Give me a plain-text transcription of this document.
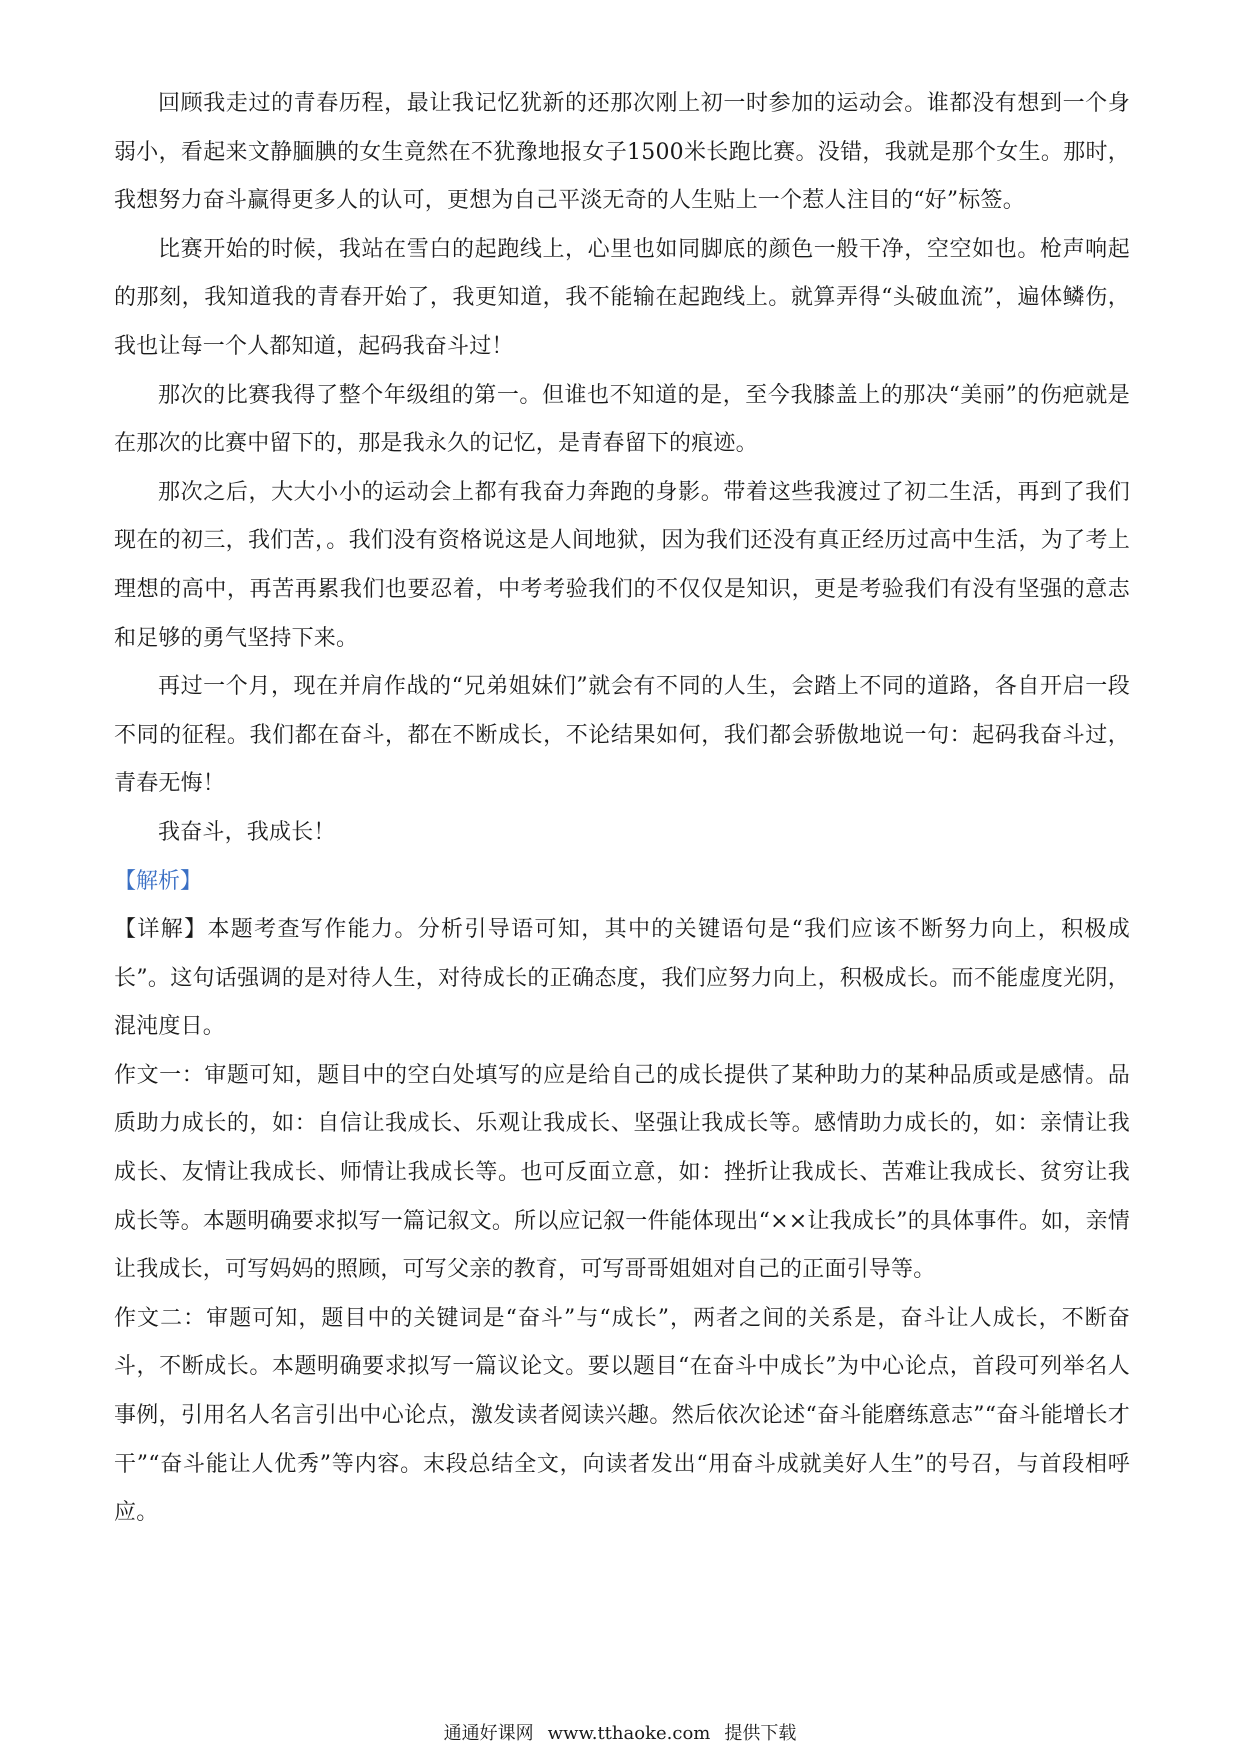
回顾我走过的青春历程，最让我记忆犹新的还那次刚上初一时参加的运动会。谁都没有想到一个身弱小，看起来文静腼腆的女生竟然在不犹豫地报女子1500米长跑比赛。没错，我就是那个女生。那时，我想努力奋斗赢得更多人的认可，更想为自己平淡无奇的人生贴上一个惹人注目的“好”标签。

比赛开始的时候，我站在雪白的起跑线上，心里也如同脚底的颜色一般干净，空空如也。枪声响起的那刻，我知道我的青春开始了，我更知道，我不能输在起跑线上。就算弄得“头破血流”，遍体鳞伤，我也让每一个人都知道，起码我奋斗过！

那次的比赛我得了整个年级组的第一。但谁也不知道的是，至今我膝盖上的那决“美丽”的伤疤就是在那次的比赛中留下的，那是我永久的记忆，是青春留下的痕迹。

那次之后，大大小小的运动会上都有我奋力奔跑的身影。带着这些我渡过了初二生活，再到了我们现在的初三，我们苦，。我们没有资格说这是人间地狱，因为我们还没有真正经历过高中生活，为了考上理想的高中，再苦再累我们也要忍着，中考考验我们的不仅仅是知识，更是考验我们有没有坚强的意志和足够的勇气坚持下来。

再过一个月，现在并肩作战的“兄弟姐妹们”就会有不同的人生，会踏上不同的道路，各自开启一段不同的征程。我们都在奋斗，都在不断成长，不论结果如何，我们都会骄傲地说一句：起码我奋斗过，青春无悔！

我奋斗，我成长！

【解析】

【详解】本题考查写作能力。分析引导语可知，其中的关键语句是“我们应该不断努力向上，积极成长”。这句话强调的是对待人生，对待成长的正确态度，我们应努力向上，积极成长。而不能虚度光阴，混沌度日。

作文一：审题可知，题目中的空白处填写的应是给自己的成长提供了某种助力的某种品质或是感情。品质助力成长的，如：自信让我成长、乐观让我成长、坚强让我成长等。感情助力成长的，如：亲情让我成长、友情让我成长、师情让我成长等。也可反面立意，如：挫折让我成长、苦难让我成长、贫穷让我成长等。本题明确要求拟写一篇记叙文。所以应记叙一件能体现出“××让我成长”的具体事件。如，亲情让我成长，可写妈妈的照顾，可写父亲的教育，可写哥哥姐姐对自己的正面引导等。

作文二：审题可知，题目中的关键词是“奋斗”与“成长”，两者之间的关系是，奋斗让人成长，不断奋斗，不断成长。本题明确要求拟写一篇议论文。要以题目“在奋斗中成长”为中心论点，首段可列举名人事例，引用名人名言引出中心论点，激发读者阅读兴趣。然后依次论述“奋斗能磨练意志”“奋斗能增长才干”“奋斗能让人优秀”等内容。末段总结全文，向读者发出“用奋斗成就美好人生”的号召，与首段相呼应。

通通好课网 www.tthaoke.com 提供下载
